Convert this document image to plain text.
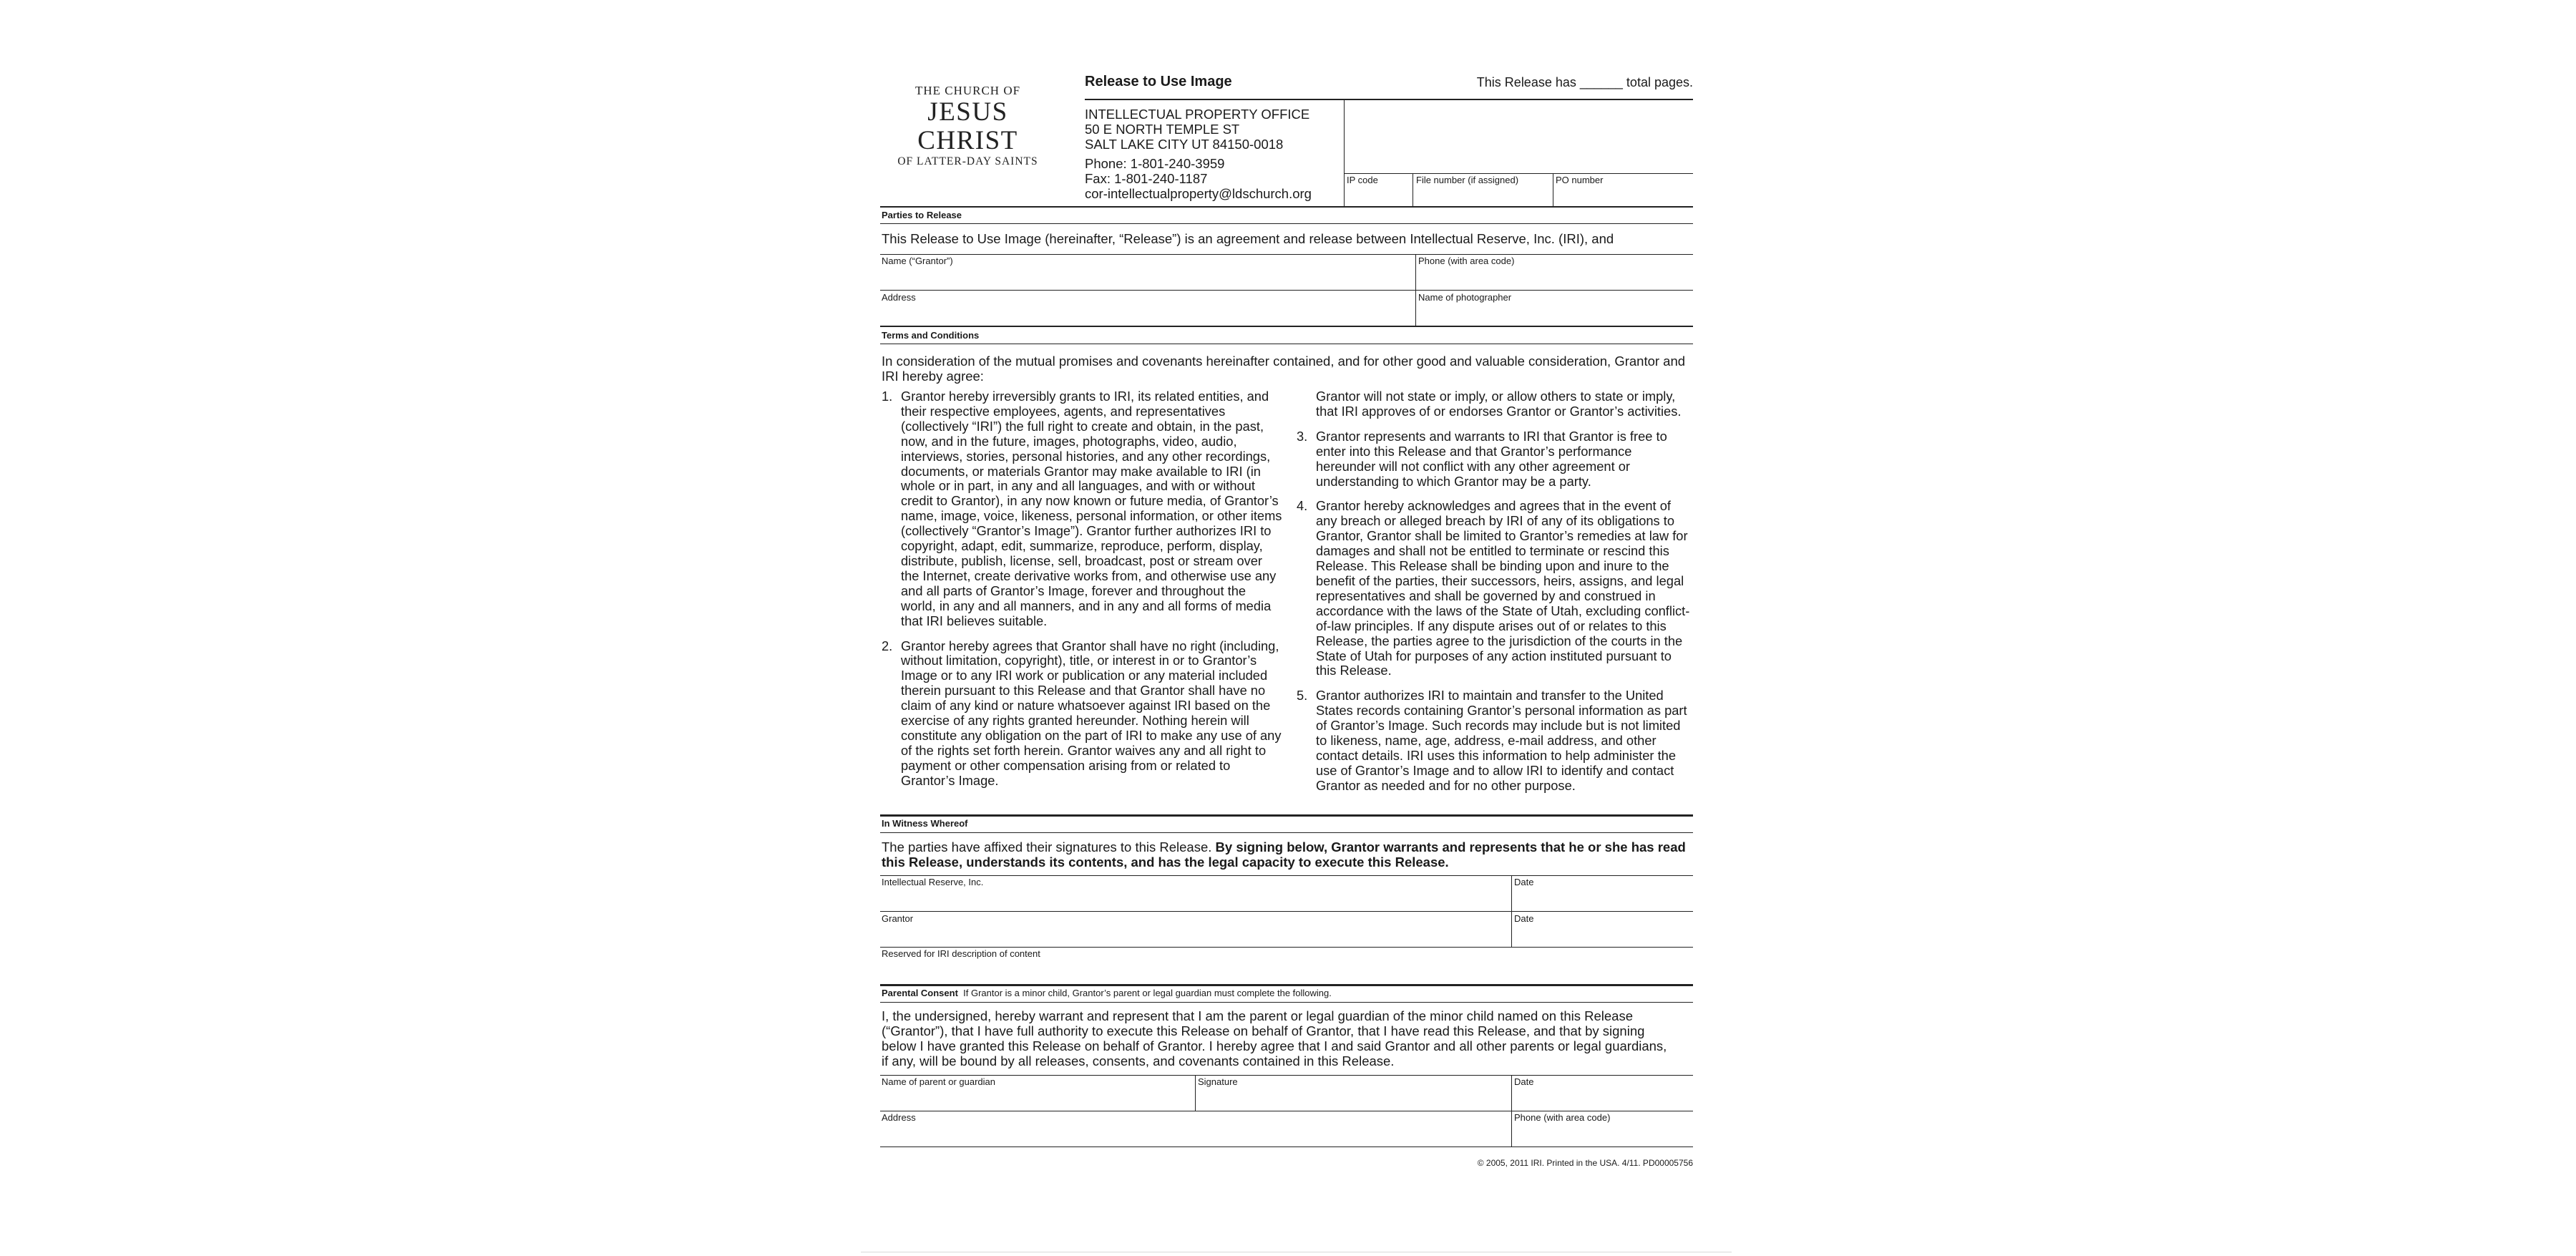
THE CHURCH OF
JESUS CHRIST
OF LATTER-DAY SAINTS
Release to Use Image	This Release has ______ total pages.
INTELLECTUAL PROPERTY OFFICE
50 E NORTH TEMPLE ST
SALT LAKE CITY UT 84150-0018
Phone: 1-801-240-3959
Fax: 1-801-240-1187
cor-intellectualproperty@ldschurch.org
IP code	File number (if assigned)	PO number
Parties to Release
This Release to Use Image (hereinafter, “Release”) is an agreement and release between Intellectual Reserve, Inc. (IRI), and
Name (“Grantor”)	Phone (with area code)
Address	Name of photographer
Terms and Conditions
In consideration of the mutual promises and covenants hereinafter contained, and for other good and valuable consideration, Grantor and IRI hereby agree:
1. Grantor hereby irreversibly grants to IRI, its related entities, and their respective employees, agents, and representatives (collectively “IRI”) the full right to create and obtain, in the past, now, and in the future, images, photographs, video, audio, interviews, stories, personal histories, and any other recordings, documents, or materials Grantor may make available to IRI (in whole or in part, in any and all languages, and with or without credit to Grantor), in any now known or future media, of Grantor’s name, image, voice, likeness, personal information, or other items (collectively “Grantor’s Image”). Grantor further authorizes IRI to copyright, adapt, edit, summarize, reproduce, perform, display, distribute, publish, license, sell, broadcast, post or stream over the Internet, create derivative works from, and otherwise use any and all parts of Grantor’s Image, forever and throughout the world, in any and all manners, and in any and all forms of media that IRI believes suitable.
2. Grantor hereby agrees that Grantor shall have no right (including, without limitation, copyright), title, or interest in or to Grantor’s Image or to any IRI work or publication or any material included therein pursuant to this Release and that Grantor shall have no claim of any kind or nature whatsoever against IRI based on the exercise of any rights granted hereunder. Nothing herein will constitute any obligation on the part of IRI to make any use of any of the rights set forth herein. Grantor waives any and all right to payment or other compensation arising from or related to Grantor’s Image.
Grantor will not state or imply, or allow others to state or imply, that IRI approves of or endorses Grantor or Grantor’s activities.
3. Grantor represents and warrants to IRI that Grantor is free to enter into this Release and that Grantor’s performance hereunder will not conflict with any other agreement or understanding to which Grantor may be a party.
4. Grantor hereby acknowledges and agrees that in the event of any breach or alleged breach by IRI of any of its obligations to Grantor, Grantor shall be limited to Grantor’s remedies at law for damages and shall not be entitled to terminate or rescind this Release. This Release shall be binding upon and inure to the benefit of the parties, their successors, heirs, assigns, and legal representatives and shall be governed by and construed in accordance with the laws of the State of Utah, excluding conflict-of-law principles. If any dispute arises out of or relates to this Release, the parties agree to the jurisdiction of the courts in the State of Utah for purposes of any action instituted pursuant to this Release.
5. Grantor authorizes IRI to maintain and transfer to the United States records containing Grantor’s personal information as part of Grantor’s Image. Such records may include but is not limited to likeness, name, age, address, e-mail address, and other contact details. IRI uses this information to help administer the use of Grantor’s Image and to allow IRI to identify and contact Grantor as needed and for no other purpose.
In Witness Whereof
The parties have affixed their signatures to this Release. By signing below, Grantor warrants and represents that he or she has read this Release, understands its contents, and has the legal capacity to execute this Release.
Intellectual Reserve, Inc.	Date
Grantor	Date
Reserved for IRI description of content
Parental Consent If Grantor is a minor child, Grantor’s parent or legal guardian must complete the following.
I, the undersigned, hereby warrant and represent that I am the parent or legal guardian of the minor child named on this Release (“Grantor”), that I have full authority to execute this Release on behalf of Grantor, that I have read this Release, and that by signing below I have granted this Release on behalf of Grantor. I hereby agree that I and said Grantor and all other parents or legal guardians, if any, will be bound by all releases, consents, and covenants contained in this Release.
Name of parent or guardian	Signature	Date
Address	Phone (with area code)
© 2005, 2011 IRI. Printed in the USA. 4/11. PD00005756
